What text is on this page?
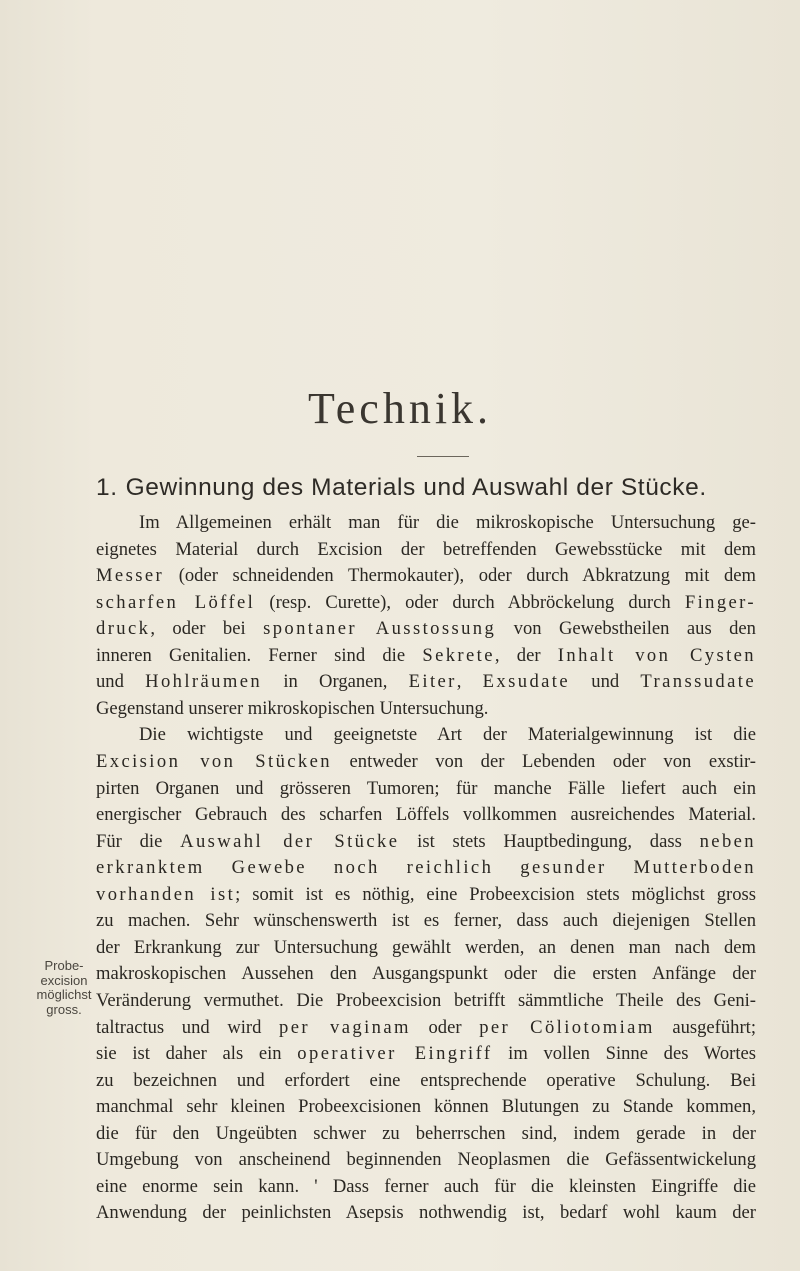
Technik.
1. Gewinnung des Materials und Auswahl der Stücke.
Probe-
excision
möglichst
gross.
Im Allgemeinen erhält man für die mikroskopische Untersuchung ge-
eignetes Material durch Excision der betreffenden Gewebsstücke mit dem
Messer (oder schneidenden Thermokauter), oder durch Abkratzung mit dem
scharfen Löffel (resp. Curette), oder durch Abbröckelung durch Finger-
druck, oder bei spontaner Ausstossung von Gewebstheilen aus den
inneren Genitalien. Ferner sind die Sekrete, der Inhalt von Cysten
und Hohlräumen in Organen, Eiter, Exsudate und Transsudate
Gegenstand unserer mikroskopischen Untersuchung.
Die wichtigste und geeignetste Art der Materialgewinnung ist die
Excision von Stücken entweder von der Lebenden oder von exstir-
pirten Organen und grösseren Tumoren; für manche Fälle liefert auch ein
energischer Gebrauch des scharfen Löffels vollkommen ausreichendes Material.
Für die Auswahl der Stücke ist stets Hauptbedingung, dass neben
erkranktem Gewebe noch reichlich gesunder Mutterboden
vorhanden ist; somit ist es nöthig, eine Probeexcision stets möglichst gross
zu machen. Sehr wünschenswerth ist es ferner, dass auch diejenigen Stellen
der Erkrankung zur Untersuchung gewählt werden, an denen man nach dem
makroskopischen Aussehen den Ausgangspunkt oder die ersten Anfänge der
Veränderung vermuthet. Die Probeexcision betrifft sämmtliche Theile des Geni-
taltractus und wird per vaginam oder per Cöliotomiam ausgeführt;
sie ist daher als ein operativer Eingriff im vollen Sinne des Wortes
zu bezeichnen und erfordert eine entsprechende operative Schulung. Bei
manchmal sehr kleinen Probeexcisionen können Blutungen zu Stande kommen,
die für den Ungeübten schwer zu beherrschen sind, indem gerade in der
Umgebung von anscheinend beginnenden Neoplasmen die Gefässentwickelung
eine enorme sein kann. ' Dass ferner auch für die kleinsten Eingriffe die
Anwendung der peinlichsten Asepsis nothwendig ist, bedarf wohl kaum der
